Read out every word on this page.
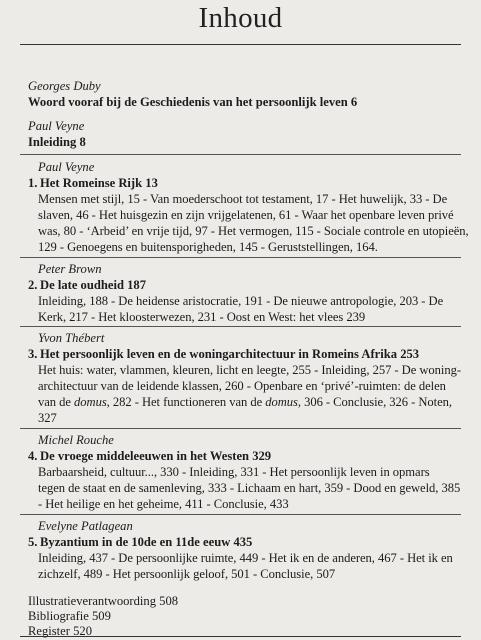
Inhoud
Georges Duby
Woord vooraf bij de Geschiedenis van het persoonlijk leven 6
Paul Veyne
Inleiding 8
Paul Veyne
1. Het Romeinse Rijk 13
Mensen met stijl, 15 - Van moederschoot tot testament, 17 - Het huwelijk, 33 - De
slaven, 46 - Het huisgezin en zijn vrijgelatenen, 61 - Waar het openbare leven privé
was, 80 - ‘Arbeid’ en vrije tijd, 97 - Het vermogen, 115 - Sociale controle en utopieën,
129 - Genoegens en buitensporigheden, 145 - Geruststellingen, 164.
Peter Brown
2. De late oudheid 187
Inleiding, 188 - De heidense aristocratie, 191 - De nieuwe antropologie, 203 - De
Kerk, 217 - Het kloosterwezen, 231 - Oost en West: het vlees 239
Yvon Thébert
3. Het persoonlijk leven en de woningarchitectuur in Romeins Afrika 253
Het huis: water, vlammen, kleuren, licht en leegte, 255 - Inleiding, 257 - De woning-
architectuur van de leidende klassen, 260 - Openbare en ‘privé’-ruimten: de delen
van de domus, 282 - Het functioneren van de domus, 306 - Conclusie, 326 - Noten,
327
Michel Rouche
4. De vroege middeleeuwen in het Westen 329
Barbaarsheid, cultuur..., 330 - Inleiding, 331 - Het persoonlijk leven in opmars
tegen de staat en de samenleving, 333 - Lichaam en hart, 359 - Dood en geweld, 385
- Het heilige en het geheime, 411 - Conclusie, 433
Evelyne Patlagean
5. Byzantium in de 10de en 11de eeuw 435
Inleiding, 437 - De persoonlijke ruimte, 449 - Het ik en de anderen, 467 - Het ik en
zichzelf, 489 - Het persoonlijk geloof, 501 - Conclusie, 507
Illustratieverantwoording 508
Bibliografie 509
Register 520
